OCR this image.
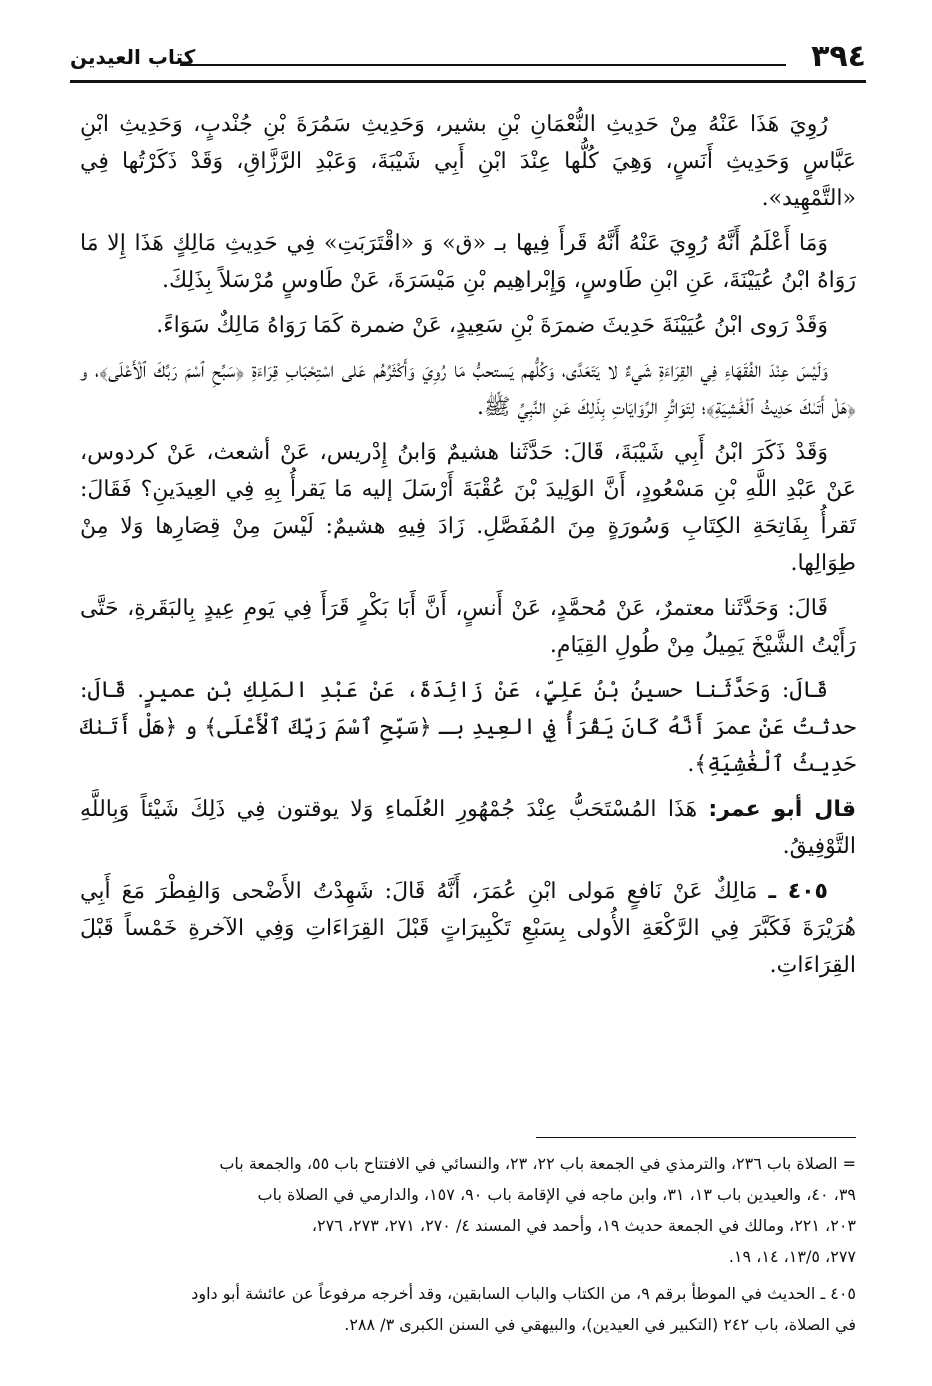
٣٩٤
كتاب العيدين

رُوِيَ هَذَا عَنْهُ مِنْ حَدِيثِ النُّعْمَانِ بْنِ بشير، وَحَدِيثِ سَمُرَةَ بْنِ جُنْدبٍ، وَحَدِيثِ ابْنِ عَبَّاسٍ وَحَدِيثِ أَنَسٍ، وَهِيَ كُلُّها عِنْدَ ابْنِ أَبِي شَيْبَةَ، وَعَبْدِ الرَّزَّاقِ، وَقَدْ ذَكَرْتُها فِي «التَّمْهِيد».

وَمَا أَعْلَمُ أَنَّهُ رُوِيَ عَنْهُ أَنَّهُ قَرأَ فِيها بـ «ق» وَ «اقْتَرَبَتِ» فِي حَدِيثِ مَالِكٍ هَذَا إِلا مَا رَوَاهُ ابْنُ عُيَيْنَةَ، عَنِ ابْنِ طَاوسٍ، وَإِبْراهِيم بْنِ مَيْسَرَةَ، عَنْ طَاوسٍ مُرْسَلاً بِذَلِكَ.

وَقَدْ رَوى ابْنُ عُيَيْنَةَ حَدِيثَ ضمرَةَ بْنِ سَعِيدٍ، عَنْ ضمرة كَمَا رَوَاهُ مَالِكٌ سَوَاءً.

وَلَيْسَ عِنْدَ الفُقَهَاءِ فِي القِرَاءَةِ شَيءٌ لا يَتَعَدَّى، وَكُلُّهم يَستحبُّ مَا رُوِيَ وَأَكْثَرُهُم عَلى اسْتِحْبَابِ قِرَاءَةِ ﴿سَبِّحِ ٱسْمَ رَبِّكَ ٱلْأَعْلَى﴾، و ﴿هَلْ أَتَىٰكَ حَدِيثُ ٱلْغَٰشِيَةِ﴾؛ لِتَوَاتُرِ الرِّوَايَاتِ بِذَلِكَ عَنِ النَّبِيِّ ﷺ.

وَقَدْ ذَكَرَ ابْنُ أَبِي شَيْبَةَ، قَالَ: حَدَّثَنا هشيمٌ وَابنُ إِدْريس، عَنْ أشعث، عَنْ كردوس، عَنْ عَبْدِ اللَّهِ بْنِ مَسْعُودٍ، أَنَّ الوَلِيدَ بْنَ عُقْبَةَ أَرْسَلَ إليه مَا يَقرأُ بِهِ فِي العِيدَينِ؟ فَقَالَ: تَقرأُ بِفَاتِحَةِ الكِتَابِ وَسُورَةٍ مِنَ المُفَصَّلِ. زَادَ فِيهِ هشيمٌ: لَيْسَ مِنْ قِصَارِها وَلا مِنْ طِوَالِها.

قَالَ: وَحَدَّثَنا معتمرٌ، عَنْ مُحمَّدٍ، عَنْ أَنسٍ، أَنَّ أَبَا بَكْرٍ قَرَأَ فِي يَومِ عِيدٍ بِالبَقَرةِ، حَتَّى رَأَيْتُ الشَّيْخَ يَمِيلُ مِنْ طُولِ القِيَامِ.

قَالَ: وَحَدَّثَنا حسينُ بْنُ عَلِيٍّ، عَنْ زَائِدَةَ، عَنْ عَبْدِ المَلِكِ بْنِ عميرٍ. قَالَ: حدثتُ عَنْ عمرَ أَنَّهُ كَانَ يَقْرَأُ فِي العِيدِ بـ ﴿سَبِّحِ ٱسْمَ رَبِّكَ ٱلْأَعْلَى﴾ و ﴿هَلْ أَتَىٰكَ حَدِيثُ ٱلْغَٰشِيَةِ﴾.

قال أبو عمر: هَذَا المُسْتَحَبُّ عِنْدَ جُمْهُورِ العُلَماءِ وَلا يوقتون فِي ذَلِكَ شَيْئاً وَبِاللَّهِ التَّوْفِيقُ.

٤٠٥ ـ مَالِكٌ عَنْ نَافعٍ مَولى ابْنِ عُمَرَ، أَنَّهُ قَالَ: شَهِدْتُ الأَضْحى وَالفِطْرَ مَعَ أَبِي هُرَيْرَةَ فَكَبَّرَ فِي الرَّكْعَةِ الأُولى بِسَبْعِ تَكْبِيرَاتٍ قَبْلَ القِرَاءَاتِ وَفِي الآخرةِ خَمْساً قَبْلَ القِرَاءَاتِ.

= الصلاة باب ٢٣٦، والترمذي في الجمعة باب ٢٢، ٢٣، والنسائي في الافتتاح باب ٥٥، والجمعة باب
٣٩، ٤٠، والعيدين باب ١٣، ٣١، وابن ماجه في الإقامة باب ٩٠، ١٥٧، والدارمي في الصلاة باب
٢٠٣، ٢٢١، ومالك في الجمعة حديث ١٩، وأحمد في المسند ٤/ ٢٧٠، ٢٧١، ٢٧٣، ٢٧٦،
٢٧٧، ١٣/٥، ١٤، ١٩.

٤٠٥ ـ الحديث في الموطأ برقم ٩، من الكتاب والباب السابقين، وقد أخرجه مرفوعاً عن عائشة أبو داود
في الصلاة، باب ٢٤٢ (التكبير في العيدين)، والبيهقي في السنن الكبرى ٣/ ٢٨٨.
